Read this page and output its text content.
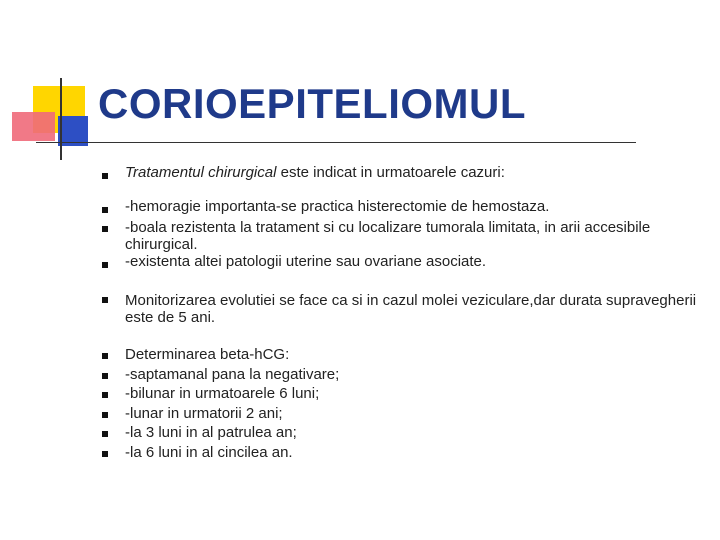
CORIOEPITELIOMUL
Tratamentul chirurgical este indicat in urmatoarele cazuri:
-hemoragie importanta-se practica histerectomie de hemostaza.
-boala rezistenta la tratament si cu localizare tumorala limitata, in arii accesibile chirurgical.
-existenta altei patologii uterine sau ovariane asociate.
Monitorizarea evolutiei se face ca si in cazul molei veziculare,dar durata supravegherii este de 5 ani.
Determinarea beta-hCG:
-saptamanal pana la negativare;
-bilunar in urmatoarele 6 luni;
-lunar in urmatorii 2 ani;
-la 3 luni in al patrulea an;
-la 6 luni in al cincilea an.
